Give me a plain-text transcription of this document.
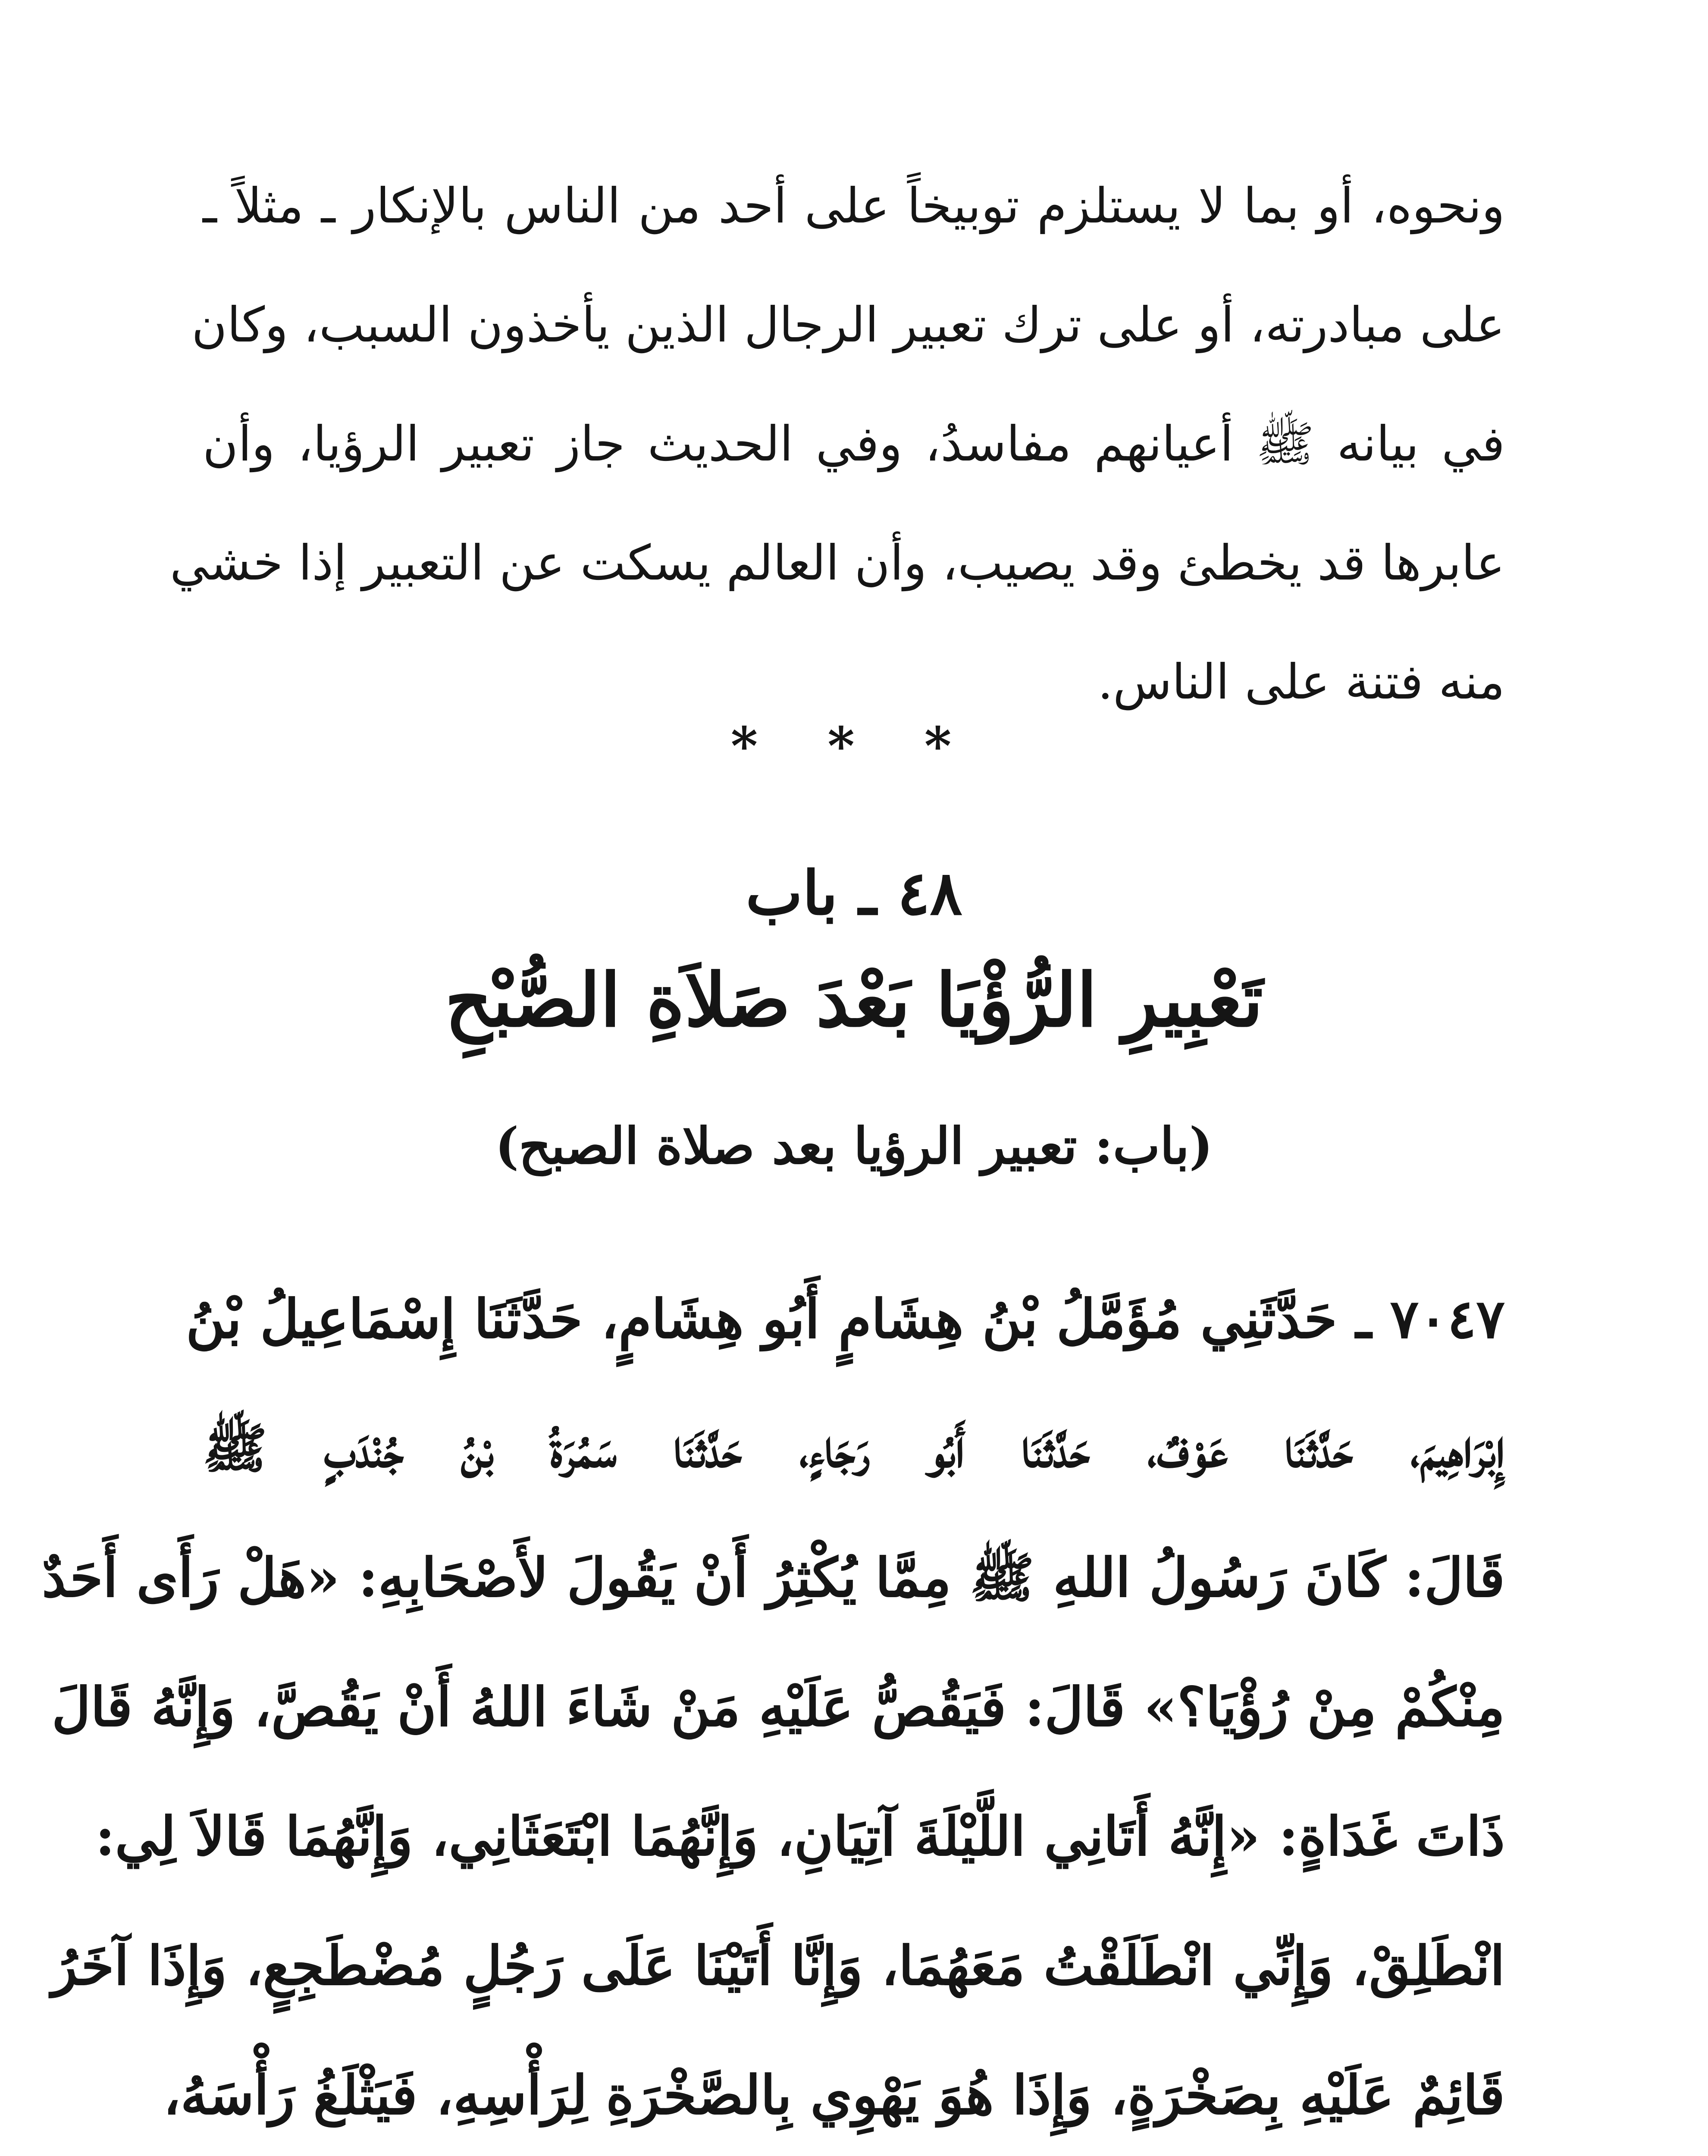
ونحوه، أو بما لا يستلزم توبيخاً على أحد من الناس بالإنكار ـ مثلاً ـ
على مبادرته، أو على ترك تعبير الرجال الذين يأخذون السبب، وكان
في بيانه ﷺ أعيانهم مفاسدُ، وفي الحديث جاز تعبير الرؤيا، وأن
عابرها قد يخطئ وقد يصيب، وأن العالم يسكت عن التعبير إذا خشي
منه فتنة على الناس.
* * *
٤٨ ـ باب
تَعْبِيرِ الرُّؤْيَا بَعْدَ صَلاَةِ الصُّبْحِ
(باب: تعبير الرؤيا بعد صلاة الصبح)
٧٠٤٧ ـ حَدَّثَنِي مُؤَمَّلُ بْنُ هِشَامٍ أَبُو هِشَامٍ، حَدَّثَنَا إِسْمَاعِيلُ بْنُ
إِبْرَاهِيمَ، حَدَّثَنَا عَوْفٌ، حَدَّثَنَا أَبُو رَجَاءٍ، حَدَّثَنَا سَمُرَةُ بْنُ جُنْدَبٍ ﷺ
قَالَ: كَانَ رَسُولُ اللهِ ﷺ مِمَّا يُكْثِرُ أَنْ يَقُولَ لأَصْحَابِهِ: «هَلْ رَأَى أَحَدٌ
مِنْكُمْ مِنْ رُؤْيَا؟» قَالَ: فَيَقُصُّ عَلَيْهِ مَنْ شَاءَ اللهُ أَنْ يَقُصَّ، وَإِنَّهُ قَالَ
ذَاتَ غَدَاةٍ: «إِنَّهُ أَتَانِي اللَّيْلَةَ آتِيَانِ، وَإِنَّهُمَا ابْتَعَثَانِي، وَإِنَّهُمَا قَالاَ لِي:
انْطَلِقْ، وَإِنِّي انْطَلَقْتُ مَعَهُمَا، وَإِنَّا أَتَيْنَا عَلَى رَجُلٍ مُضْطَجِعٍ، وَإِذَا آخَرُ
قَائِمٌ عَلَيْهِ بِصَخْرَةٍ، وَإِذَا هُوَ يَهْوِي بِالصَّخْرَةِ لِرَأْسِهِ، فَيَثْلَغُ رَأْسَهُ،
